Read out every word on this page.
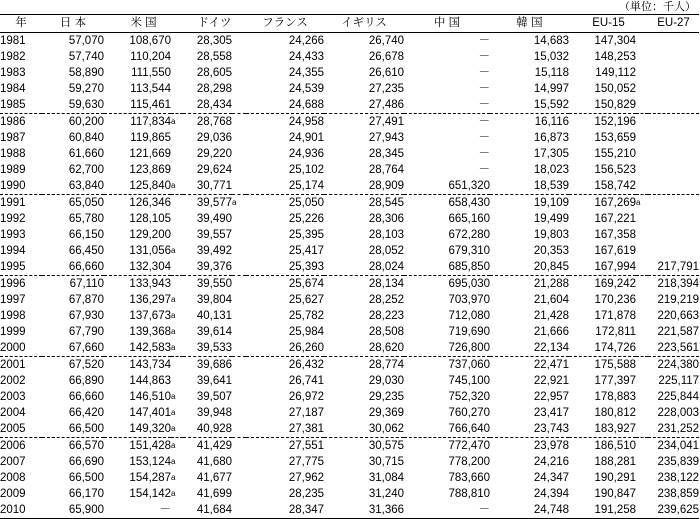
（単位：千人）
年	日 本	米 国		ドイツ		フランス	イギリス	中 国	韓 国	EU-15		EU-27
1981	57,070	108,670		28,305		24,266	26,740	－	14,683	147,304		
1982	57,740	110,204		28,558		24,433	26,678	－	15,032	148,253		
1983	58,890	111,550		28,605		24,355	26,610	－	15,118	149,112		
1984	59,270	113,544		28,298		24,539	27,235	－	14,997	150,052		
1985	59,630	115,461		28,434		24,688	27,486	－	15,592	150,829		
1986	60,200	117,834	a	28,768		24,958	27,491	－	16,116	152,196		
1987	60,840	119,865		29,036		24,901	27,943	－	16,873	153,659		
1988	61,660	121,669		29,220		24,936	28,345	－	17,305	155,210		
1989	62,700	123,869		29,624		25,102	28,764	－	18,023	156,523		
1990	63,840	125,840	a	30,771		25,174	28,909	651,320	18,539	158,742		
1991	65,050	126,346		39,577	a	25,050	28,545	658,430	19,109	167,269	a	
1992	65,780	128,105		39,490		25,226	28,306	665,160	19,499	167,221		
1993	66,150	129,200		39,557		25,395	28,103	672,280	19,803	167,358		
1994	66,450	131,056	a	39,492		25,417	28,052	679,310	20,353	167,619		
1995	66,660	132,304		39,376		25,393	28,024	685,850	20,845	167,994		217,791
1996	67,110	133,943		39,550		25,674	28,134	695,030	21,288	169,242		218,394
1997	67,870	136,297	a	39,804		25,627	28,252	703,970	21,604	170,236		219,219
1998	67,930	137,673	a	40,131		25,782	28,223	712,080	21,428	171,878		220,663
1999	67,790	139,368	a	39,614		25,984	28,508	719,690	21,666	172,811		221,587
2000	67,660	142,583	a	39,533		26,260	28,620	726,800	22,134	174,726		223,561
2001	67,520	143,734		39,686		26,432	28,774	737,060	22,471	175,588		224,380
2002	66,890	144,863		39,641		26,741	29,030	745,100	22,921	177,397		225,117
2003	66,660	146,510	a	39,507		26,972	29,235	752,320	22,957	178,883		225,844
2004	66,420	147,401	a	39,948		27,187	29,369	760,270	23,417	180,812		228,003
2005	66,500	149,320	a	40,928		27,381	30,062	766,640	23,743	183,927		231,252
2006	66,570	151,428	a	41,429		27,551	30,575	772,470	23,978	186,510		234,041
2007	66,690	153,124	a	41,680		27,775	30,715	778,200	24,216	188,281		235,839
2008	66,500	154,287	a	41,677		27,962	31,084	783,660	24,347	190,291		238,122
2009	66,170	154,142	a	41,699		28,235	31,240	788,810	24,394	190,847		238,859
2010	65,900	－		41,684		28,347	31,366	－	24,748	191,258		239,625
